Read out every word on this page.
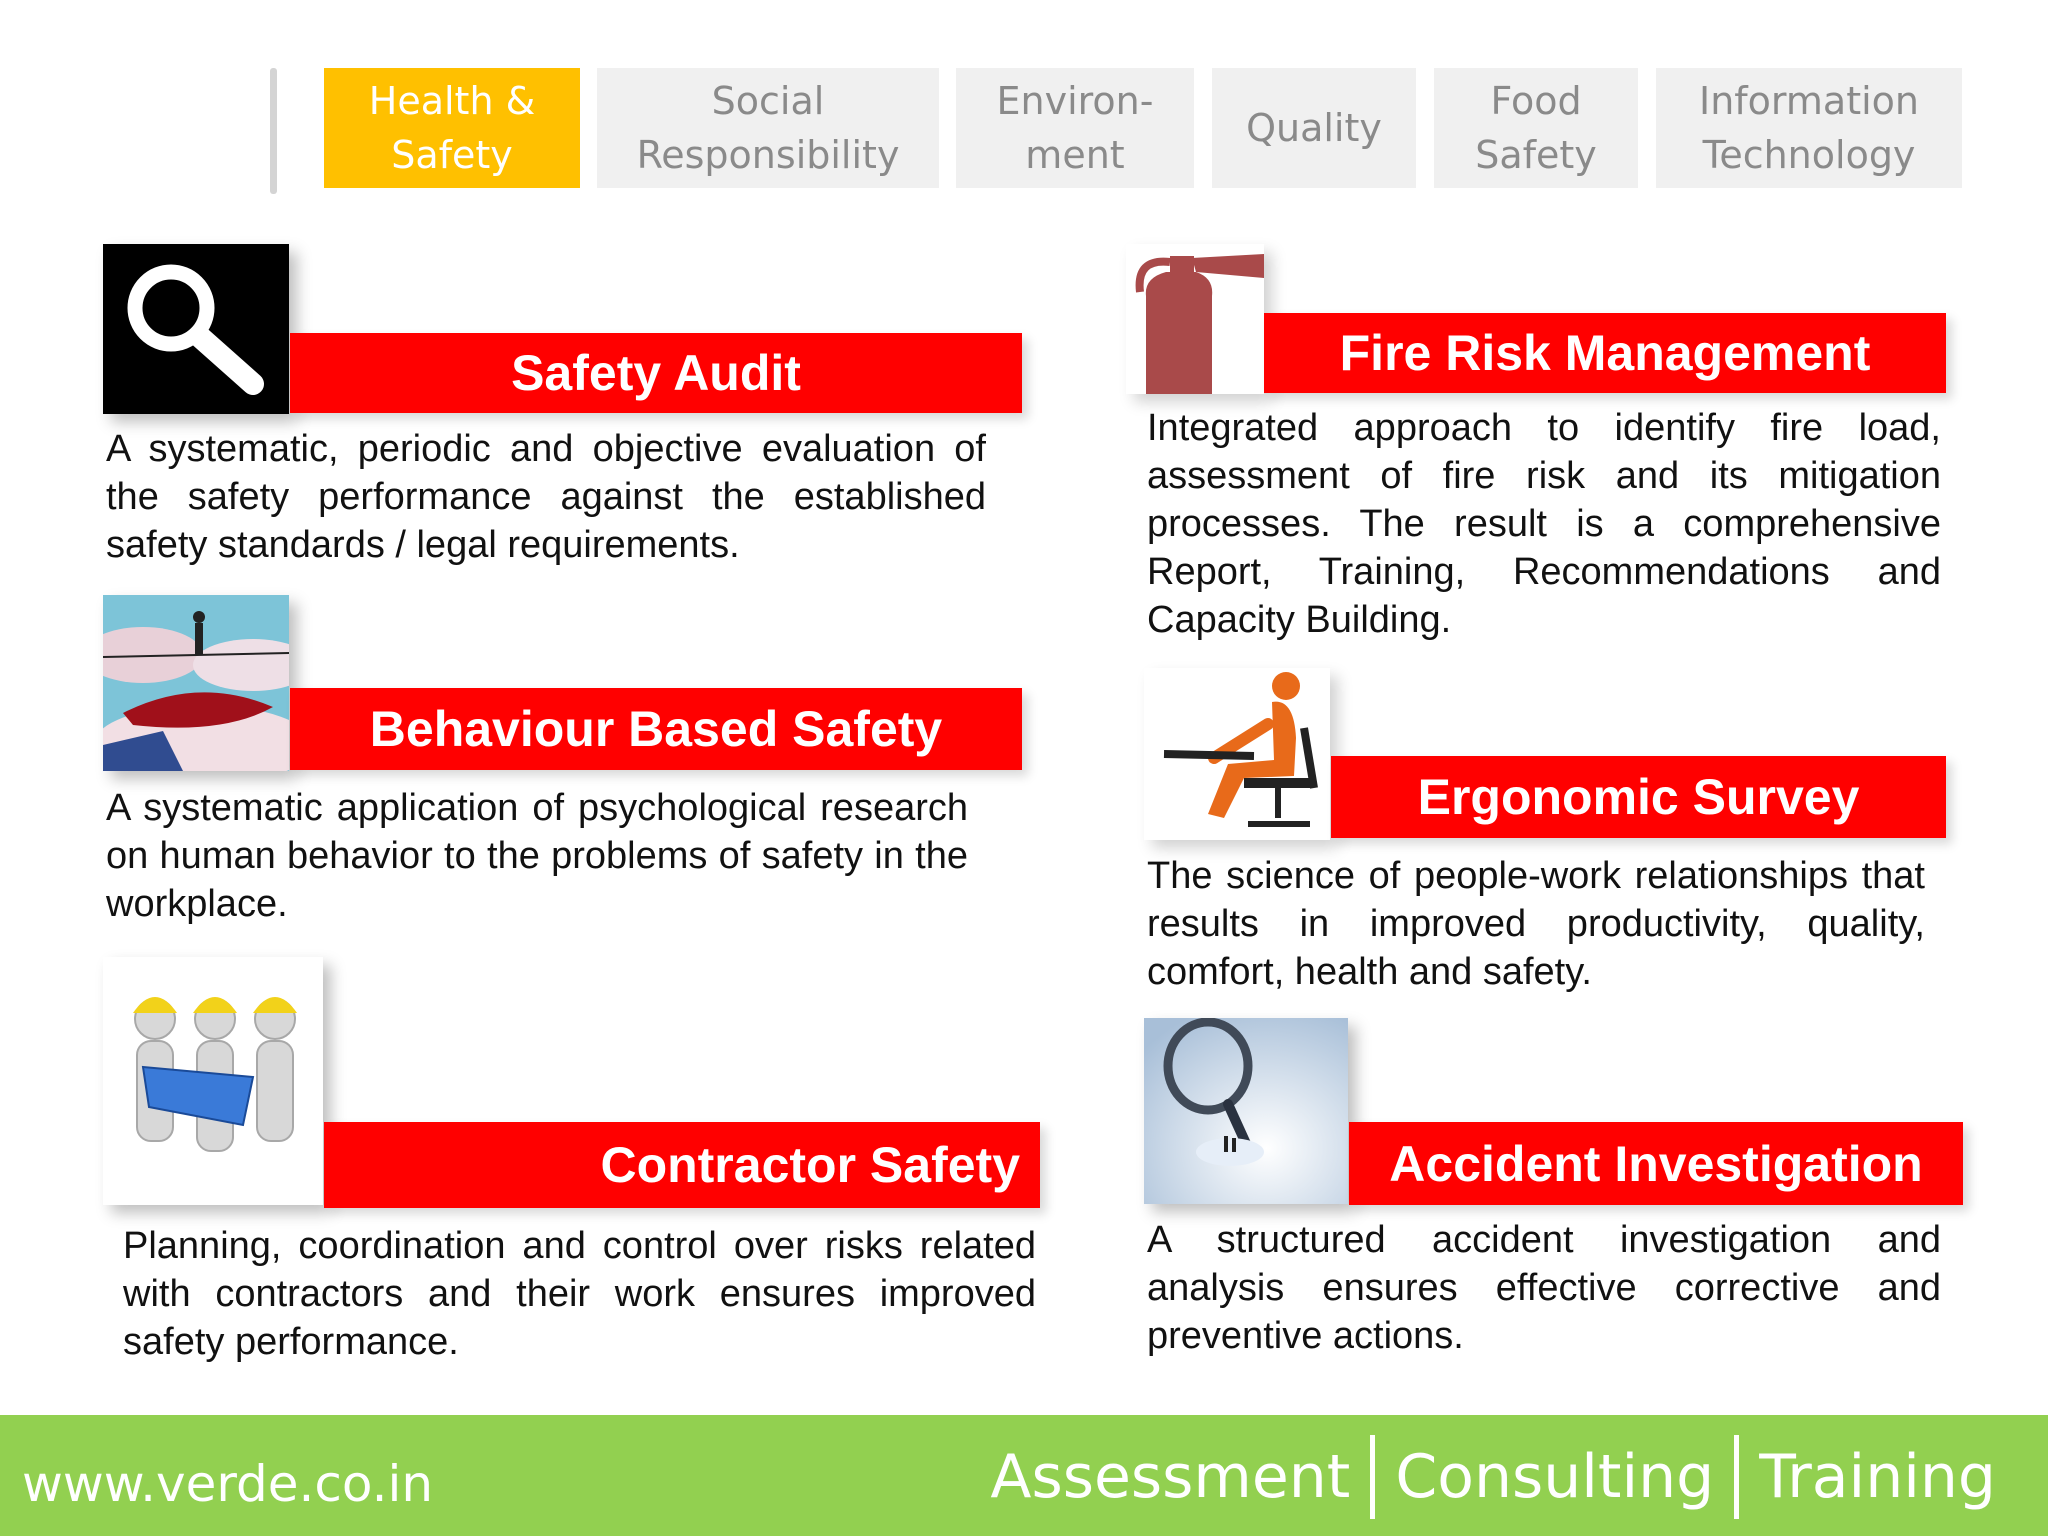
Health &
Safety
Social
Responsibility
Environ-
ment
Quality
Food
Safety
Information
Technology
Safety Audit
A systematic, periodic and objective evaluation of the safety performance against the established safety standards / legal requirements.
Behaviour Based Safety
A systematic application of psychological research on human behavior to the problems of safety in the workplace.
Contractor Safety
Planning, coordination and control over risks related with contractors and their work ensures improved safety performance.
Fire Risk Management
Integrated approach to identify fire load, assessment of fire risk and its mitigation processes. The result is a comprehensive Report, Training, Recommendations and Capacity Building.
Ergonomic Survey
The science of people-work relationships that results in improved productivity, quality, comfort, health and safety.
Accident Investigation
A structured accident investigation and analysis ensures effective corrective and preventive actions.
www.verde.co.in	Assessment Consulting Training
